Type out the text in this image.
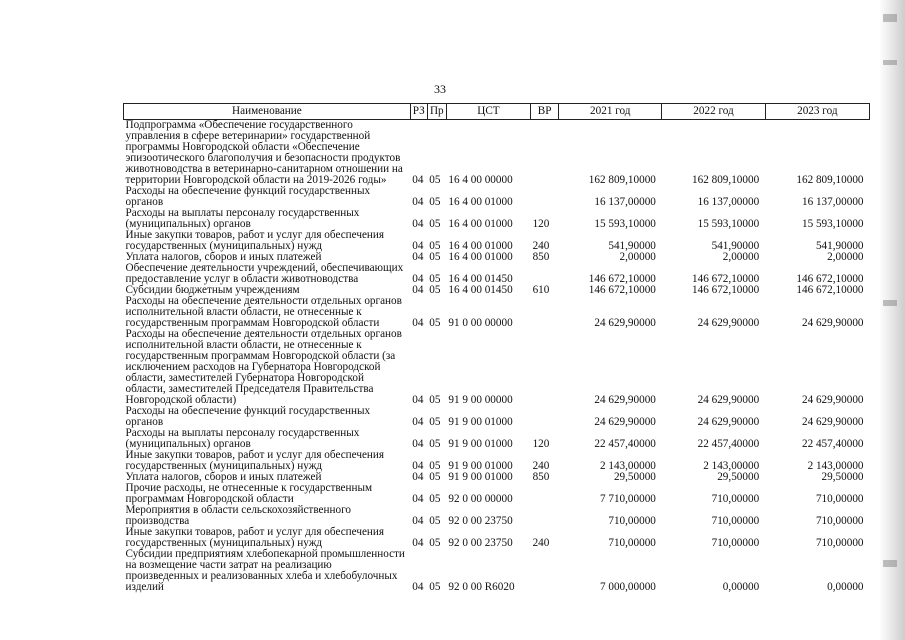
33
Наименование	РЗ	Пр	ЦСТ	ВР	2021 год	2022 год	2023 год
Подпрограмма «Обеспечение государственного управления в сфере ветеринарии» государственной программы Новгородской области «Обеспечение эпизоотического благополучия и безопасности продуктов животноводства в ветеринарно-санитарном отношении на территории Новгородской области на 2019-2026 годы»	04	05	16 4 00 00000		162 809,10000	162 809,10000	162 809,10000
Расходы на обеспечение функций государственных органов	04	05	16 4 00 01000		16 137,00000	16 137,00000	16 137,00000
Расходы на выплаты персоналу государственных (муниципальных) органов	04	05	16 4 00 01000	120	15 593,10000	15 593,10000	15 593,10000
Иные закупки товаров, работ и услуг для обеспечения государственных (муниципальных) нужд	04	05	16 4 00 01000	240	541,90000	541,90000	541,90000
Уплата налогов, сборов и иных платежей	04	05	16 4 00 01000	850	2,00000	2,00000	2,00000
Обеспечение деятельности учреждений, обеспечивающих предоставление услуг в области животноводства	04	05	16 4 00 01450		146 672,10000	146 672,10000	146 672,10000
Субсидии бюджетным учреждениям	04	05	16 4 00 01450	610	146 672,10000	146 672,10000	146 672,10000
Расходы на обеспечение деятельности отдельных органов исполнительной власти области, не отнесенные к государственным программам Новгородской области	04	05	91 0 00 00000		24 629,90000	24 629,90000	24 629,90000
Расходы на обеспечение деятельности отдельных органов исполнительной власти области, не отнесенные к государственным программам Новгородской области (за исключением расходов на Губернатора Новгородской области, заместителей Губернатора Новгородской области, заместителей Председателя Правительства Новгородской области)	04	05	91 9 00 00000		24 629,90000	24 629,90000	24 629,90000
Расходы на обеспечение функций государственных органов	04	05	91 9 00 01000		24 629,90000	24 629,90000	24 629,90000
Расходы на выплаты персоналу государственных (муниципальных) органов	04	05	91 9 00 01000	120	22 457,40000	22 457,40000	22 457,40000
Иные закупки товаров, работ и услуг для обеспечения государственных (муниципальных) нужд	04	05	91 9 00 01000	240	2 143,00000	2 143,00000	2 143,00000
Уплата налогов, сборов и иных платежей	04	05	91 9 00 01000	850	29,50000	29,50000	29,50000
Прочие расходы, не отнесенные к государственным программам Новгородской области	04	05	92 0 00 00000		7 710,00000	710,00000	710,00000
Мероприятия в области сельскохозяйственного производства	04	05	92 0 00 23750		710,00000	710,00000	710,00000
Иные закупки товаров, работ и услуг для обеспечения государственных (муниципальных) нужд	04	05	92 0 00 23750	240	710,00000	710,00000	710,00000
Субсидии предприятиям хлебопекарной промышленности на возмещение части затрат на реализацию произведенных и реализованных хлеба и хлебобулочных изделий	04	05	92 0 00 R6020		7 000,00000	0,00000	0,00000
